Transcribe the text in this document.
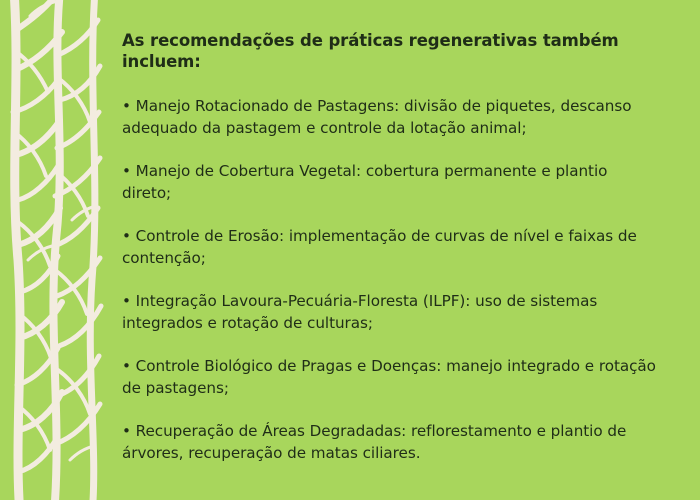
As recomendações de práticas regenerativas também incluem:

• Manejo Rotacionado de Pastagens: divisão de piquetes, descanso adequado da pastagem e controle da lotação animal;

• Manejo de Cobertura Vegetal: cobertura permanente e plantio direto;

• Controle de Erosão: implementação de curvas de nível e faixas de contenção;

• Integração Lavoura-Pecuária-Floresta (ILPF): uso de sistemas integrados e rotação de culturas;

• Controle Biológico de Pragas e Doenças: manejo integrado e rotação de pastagens;

• Recuperação de Áreas Degradadas: reflorestamento e plantio de árvores, recuperação de matas ciliares.
